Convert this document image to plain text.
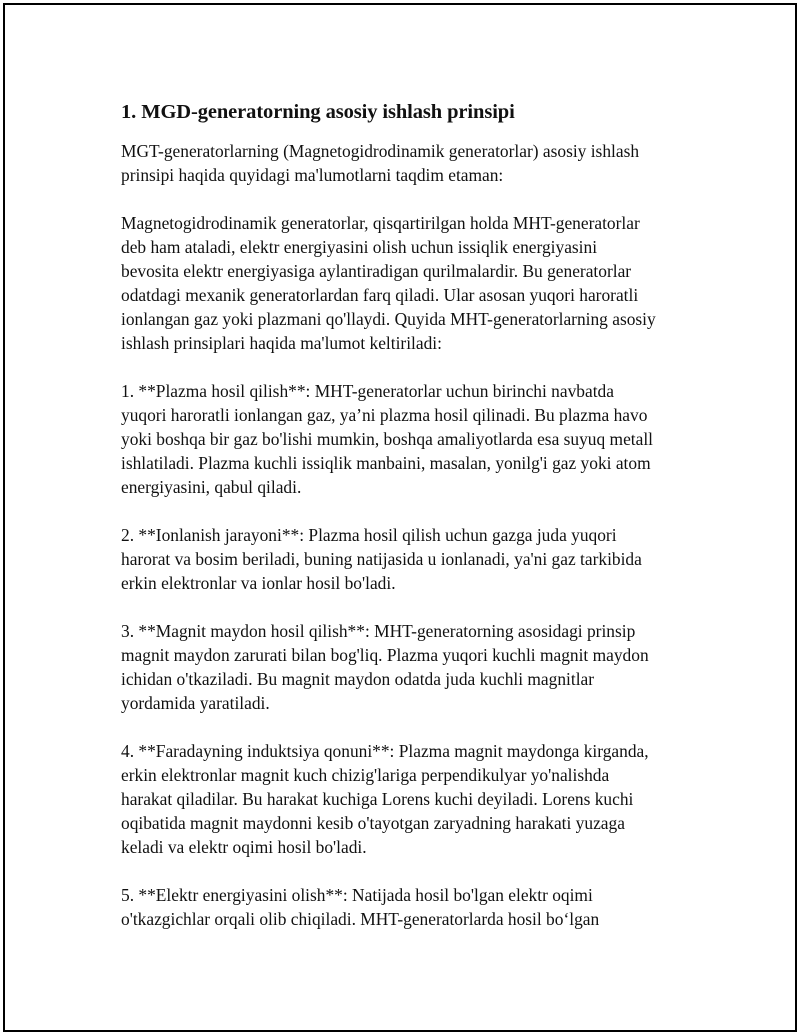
1. MGD-generatorning asosiy ishlash prinsipi

MGT-generatorlarning (Magnetogidrodinamik generatorlar) asosiy ishlash
prinsipi haqida quyidagi ma'lumotlarni taqdim etaman:

Magnetogidrodinamik generatorlar, qisqartirilgan holda MHT-generatorlar
deb ham ataladi, elektr energiyasini olish uchun issiqlik energiyasini
bevosita elektr energiyasiga aylantiradigan qurilmalardir. Bu generatorlar
odatdagi mexanik generatorlardan farq qiladi. Ular asosan yuqori haroratli
ionlangan gaz yoki plazmani qo'llaydi. Quyida MHT-generatorlarning asosiy
ishlash prinsiplari haqida ma'lumot keltiriladi:

1. **Plazma hosil qilish**: MHT-generatorlar uchun birinchi navbatda
yuqori haroratli ionlangan gaz, ya’ni plazma hosil qilinadi. Bu plazma havo
yoki boshqa bir gaz bo'lishi mumkin, boshqa amaliyotlarda esa suyuq metall
ishlatiladi. Plazma kuchli issiqlik manbaini, masalan, yonilg'i gaz yoki atom
energiyasini, qabul qiladi.

2. **Ionlanish jarayoni**: Plazma hosil qilish uchun gazga juda yuqori
harorat va bosim beriladi, buning natijasida u ionlanadi, ya'ni gaz tarkibida
erkin elektronlar va ionlar hosil bo'ladi.

3. **Magnit maydon hosil qilish**: MHT-generatorning asosidagi prinsip
magnit maydon zarurati bilan bog'liq. Plazma yuqori kuchli magnit maydon
ichidan o'tkaziladi. Bu magnit maydon odatda juda kuchli magnitlar
yordamida yaratiladi.

4. **Faradayning induktsiya qonuni**: Plazma magnit maydonga kirganda,
erkin elektronlar magnit kuch chizig'lariga perpendikulyar yo'nalishda
harakat qiladilar. Bu harakat kuchiga Lorens kuchi deyiladi. Lorens kuchi
oqibatida magnit maydonni kesib o'tayotgan zaryadning harakati yuzaga
keladi va elektr oqimi hosil bo'ladi.

5. **Elektr energiyasini olish**: Natijada hosil bo'lgan elektr oqimi
o'tkazgichlar orqali olib chiqiladi. MHT-generatorlarda hosil bo‘lgan
